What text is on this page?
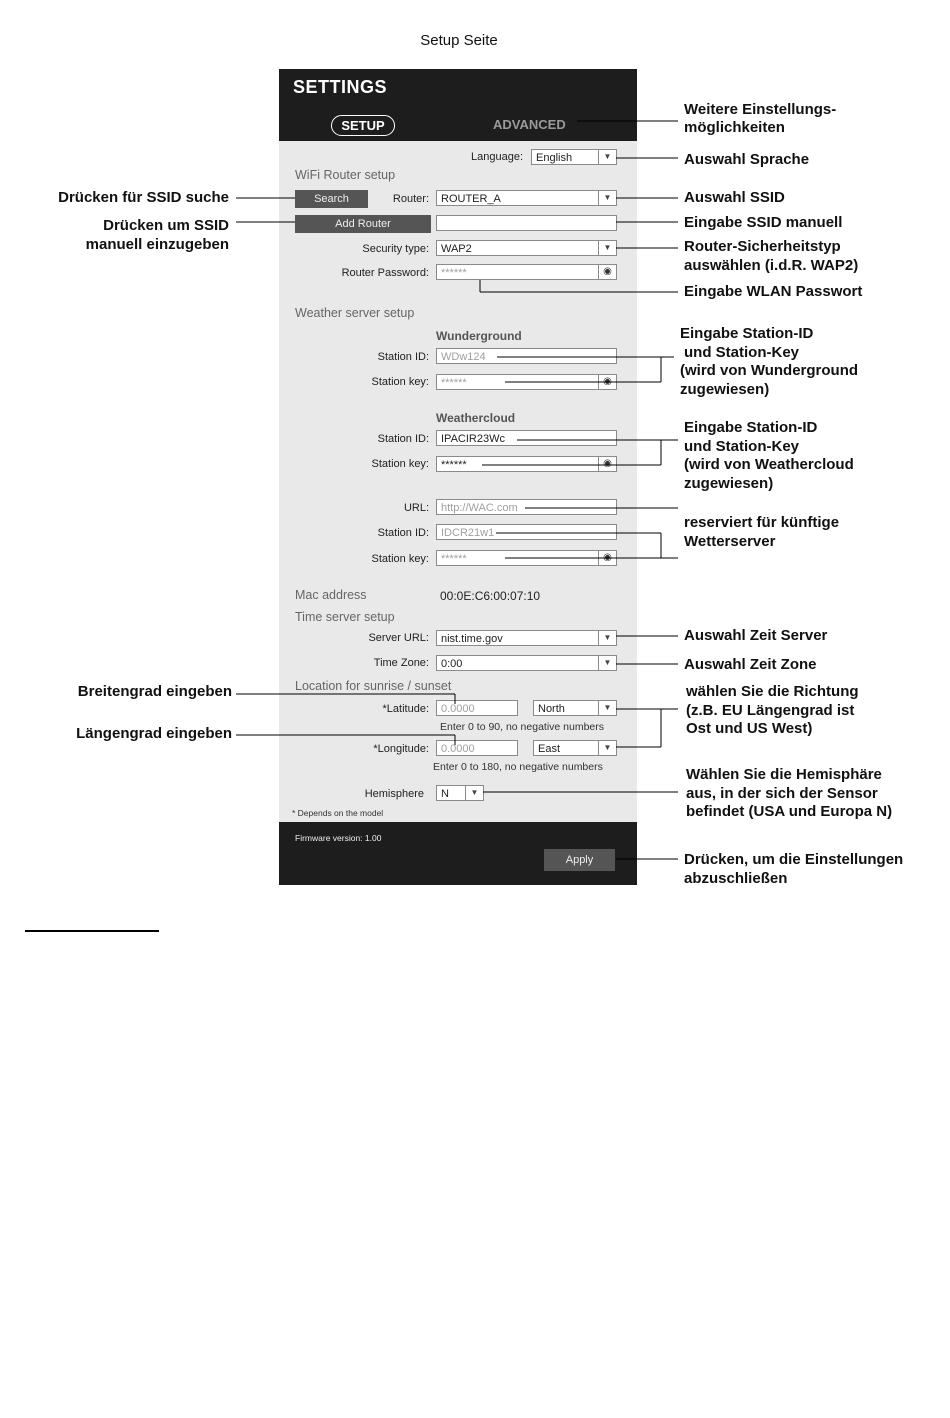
Setup Seite
SETTINGS
SETUP	ADVANCED
Language:	English	▼
WiFi Router setup
Search	Router:	ROUTER_A	▼
Add Router
Security type:	WAP2	▼
Router Password:	******	◉
Weather server setup
Wunderground
Station ID:	WDw124
Station key:	******	◉
Weathercloud
Station ID:	IPACIR23Wc
Station key:	******	◉
URL:	http://WAC.com
Station ID:	IDCR21w1
Station key:	******	◉
Mac address	00:0E:C6:00:07:10
Time server setup
Server URL:	nist.time.gov	▼
Time Zone:	0:00	▼
Location for sunrise / sunset
*Latitude:	0.0000	North	▼
Enter 0 to 90, no negative numbers
*Longitude:	0.0000	East	▼
Enter 0 to 180, no negative numbers
Hemisphere	N	▼
* Depends on the model
Firmware version: 1.00
Apply
Weitere Einstellungs-
möglichkeiten
Auswahl Sprache
Auswahl SSID
Eingabe SSID manuell
Router-Sicherheitstyp
auswählen (i.d.R. WAP2)
Eingabe WLAN Passwort
Eingabe Station-ID
und Station-Key
(wird von Wunderground
zugewiesen)
Eingabe Station-ID
und Station-Key
(wird von Weathercloud
zugewiesen)
reserviert für künftige
Wetterserver
Auswahl Zeit Server
Auswahl Zeit Zone
wählen Sie die Richtung
(z.B. EU Längengrad ist
Ost und US West)
Wählen Sie die Hemisphäre
aus, in der sich der Sensor
befindet (USA und Europa N)
Drücken, um die Einstellungen
abzuschließen
Drücken für SSID suche
Drücken um SSID
manuell einzugeben
Breitengrad eingeben
Längengrad eingeben
